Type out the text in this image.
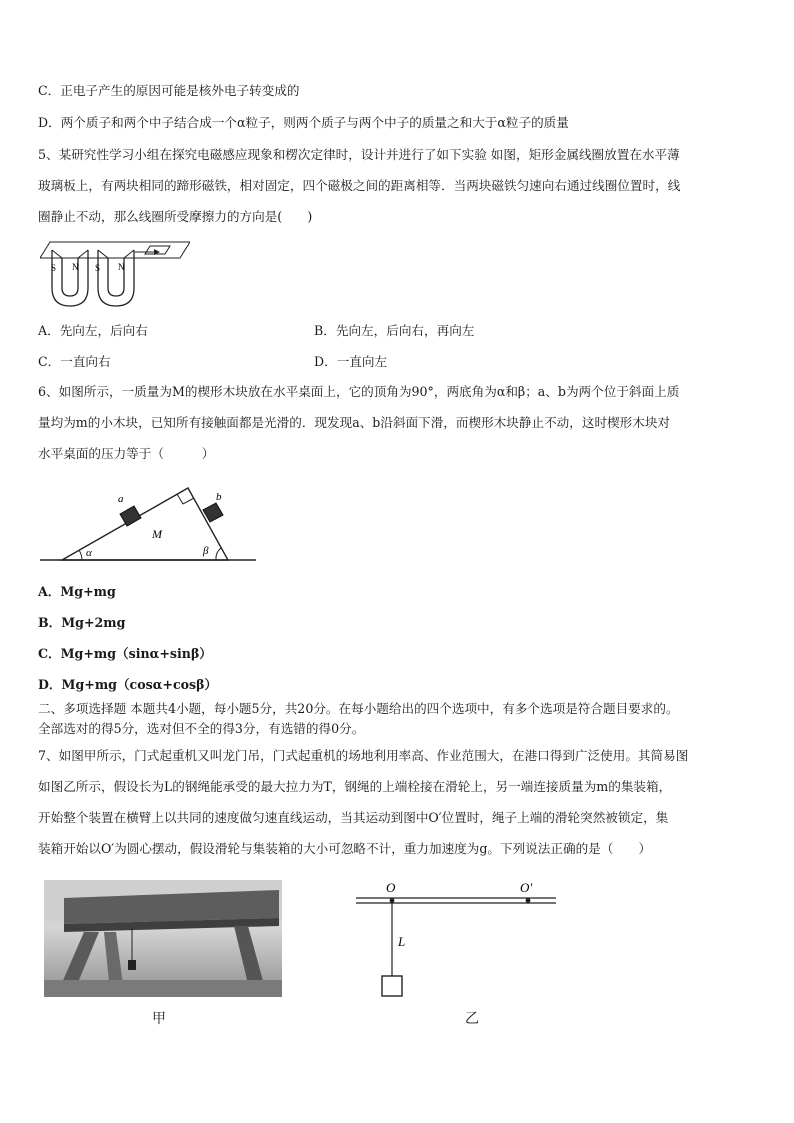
C．正电子产生的原因可能是核外电子转变成的
D．两个质子和两个中子结合成一个α粒子，则两个质子与两个中子的质量之和大于α粒子的质量
5、某研究性学习小组在探究电磁感应现象和楞次定律时，设计并进行了如下实验 如图，矩形金属线圈放置在水平薄
玻璃板上，有两块相同的蹄形磁铁，相对固定，四个磁极之间的距离相等．当两块磁铁匀速向右通过线圈位置时，线
圈静止不动，那么线圈所受摩擦力的方向是(　　)
S N S N
A．先向左，后向右	B．先向左，后向右，再向左
C．一直向右	D．一直向左
6、如图所示，一质量为M的楔形木块放在水平桌面上，它的顶角为90°，两底角为α和β；a、b为两个位于斜面上质
量均为m的小木块，已知所有接触面都是光滑的．现发现a、b沿斜面下滑，而楔形木块静止不动，这时楔形木块对
水平桌面的压力等于（　　　）
a	b
M
α	β
A．Mg+mg
B．Mg+2mg
C．Mg+mg（sinα+sinβ）
D．Mg+mg（cosα+cosβ）
二、多项选择题 本题共4小题，每小题5分，共20分。在每小题给出的四个选项中，有多个选项是符合题目要求的。
全部选对的得5分，选对但不全的得3分，有选错的得0分。
7、如图甲所示，门式起重机又叫龙门吊，门式起重机的场地利用率高、作业范围大，在港口得到广泛使用。其简易图
如图乙所示，假设长为L的钢绳能承受的最大拉力为T，钢绳的上端栓接在滑轮上，另一端连接质量为m的集装箱，
开始整个装置在横臂上以共同的速度做匀速直线运动，当其运动到图中O′位置时，绳子上端的滑轮突然被锁定，集
装箱开始以O′为圆心摆动，假设滑轮与集装箱的大小可忽略不计，重力加速度为g。下列说法正确的是（　　）
甲
O	O′
L
乙
